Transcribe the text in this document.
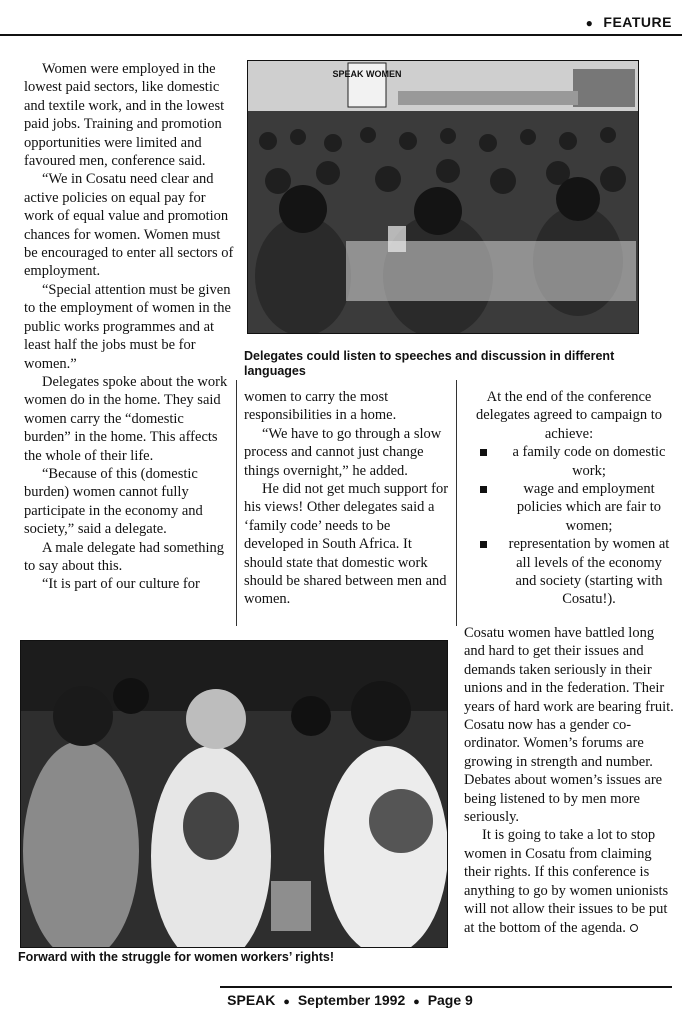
● FEATURE

Women were employed in the lowest paid sectors, like domestic and textile work, and in the lowest paid jobs. Training and promotion opportunities were limited and favoured men, conference said.

“We in Cosatu need clear and active policies on equal pay for work of equal value and promotion chances for women. Women must be encouraged to enter all sectors of employment.

“Special attention must be given to the employment of women in the public works programmes and at least half the jobs must be for women.”

Delegates spoke about the work women do in the home. They said women carry the “domestic burden” in the home. This affects the whole of their life.

“Because of this (domestic burden) women cannot fully participate in the economy and society,” said a delegate.

A male delegate had something to say about this.

“It is part of our culture for

SPEAK WOMEN
Delegates could listen to speeches and discussion in different languages

women to carry the most responsibilities in a home.

“We have to go through a slow process and cannot just change things overnight,” he added.

He did not get much support for his views! Other delegates said a ‘family code’ needs to be developed in South Africa. It should state that domestic work should be shared between men and women.

At the end of the conference delegates agreed to campaign to achieve:

a family code on domestic work;
wage and employment policies which are fair to women;
representation by women at all levels of the economy and society (starting with Cosatu!).

Cosatu women have battled long and hard to get their issues and demands taken seriously in their unions and in the federation. Their years of hard work are bearing fruit. Cosatu now has a gender co-ordinator. Women’s forums are growing in strength and number. Debates about women’s issues are being listened to by men more seriously.

It is going to take a lot to stop women in Cosatu from claiming their rights. If this conference is anything to go by women unionists will not allow their issues to be put at the bottom of the agenda.

Forward with the struggle for women workers’ rights!
SPEAK ● September 1992 ● Page 9
